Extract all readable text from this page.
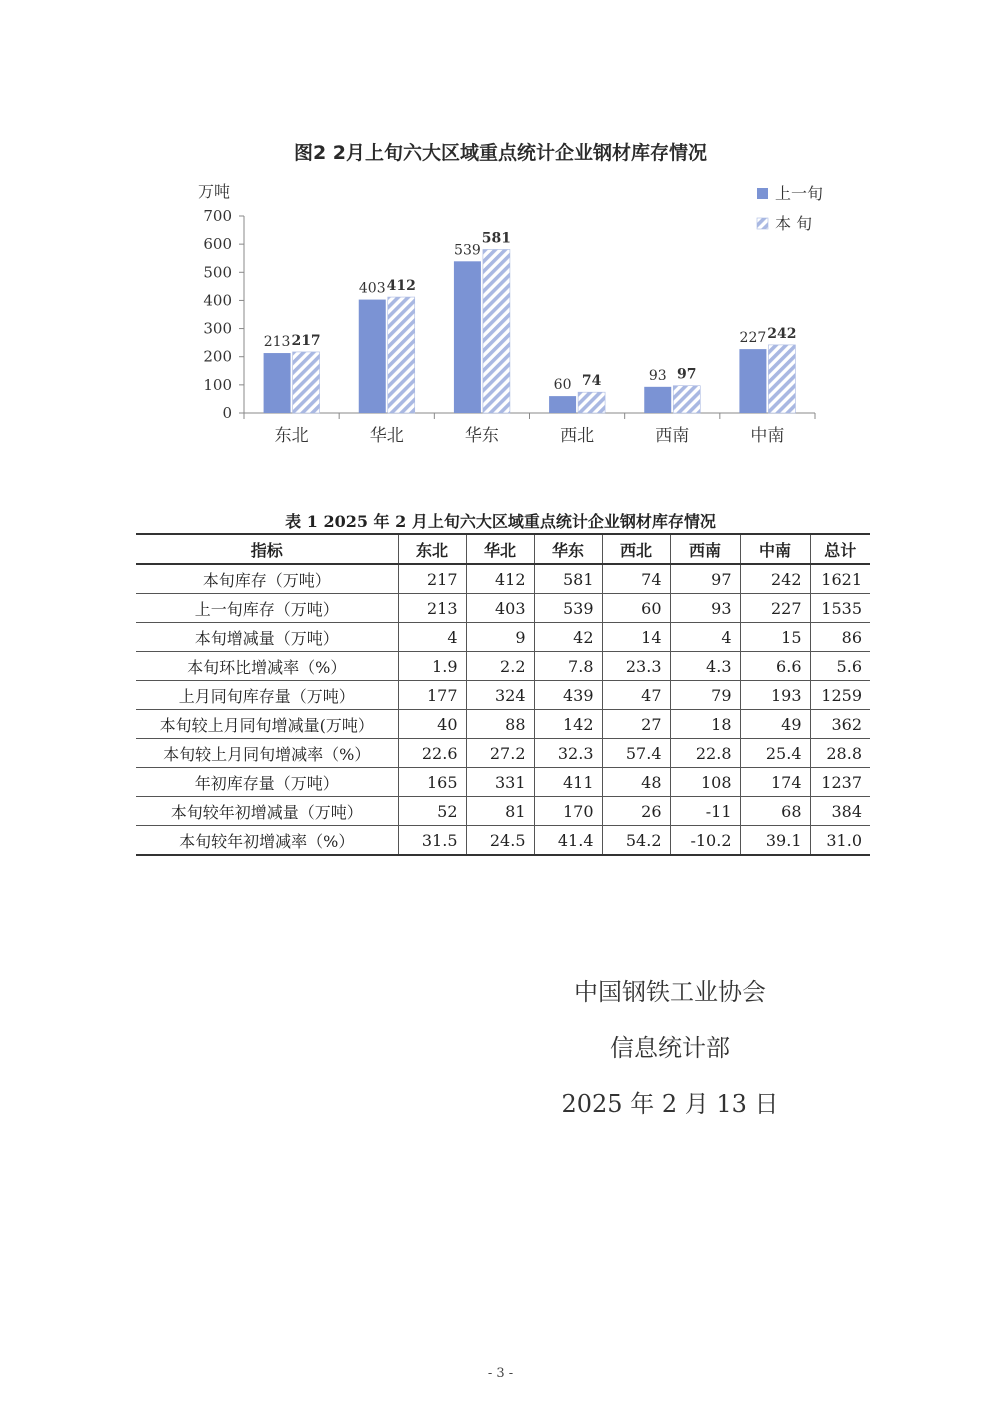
图2 2月上旬六大区域重点统计企业钢材库存情况
万吨
0
100
200
300
400
500
600
700
东北
213 217
华北
403 412
华东
539
581
西北
60 74
西南
93 97
中南
227 242
上一旬
本 旬
表 1 2025 年 2 月上旬六大区域重点统计企业钢材库存情况
指标	东北	华北	华东	西北	西南	中南	总计
本旬库存（万吨）	217	412	581	74	97	242	1621
上一旬库存（万吨）	213	403	539	60	93	227	1535
本旬增减量（万吨）	4	9	42	14	4	15	86
本旬环比增减率（%）	1.9	2.2	7.8	23.3	4.3	6.6	5.6
上月同旬库存量（万吨）	177	324	439	47	79	193	1259
本旬较上月同旬增减量(万吨）	40	88	142	27	18	49	362
本旬较上月同旬增减率（%）	22.6	27.2	32.3	57.4	22.8	25.4	28.8
年初库存量（万吨）	165	331	411	48	108	174	1237
本旬较年初增减量（万吨）	52	81	170	26	-11	68	384
本旬较年初增减率（%）	31.5	24.5	41.4	54.2	-10.2	39.1	31.0
中国钢铁工业协会
信息统计部
2025 年 2 月 13 日
- 3 -
